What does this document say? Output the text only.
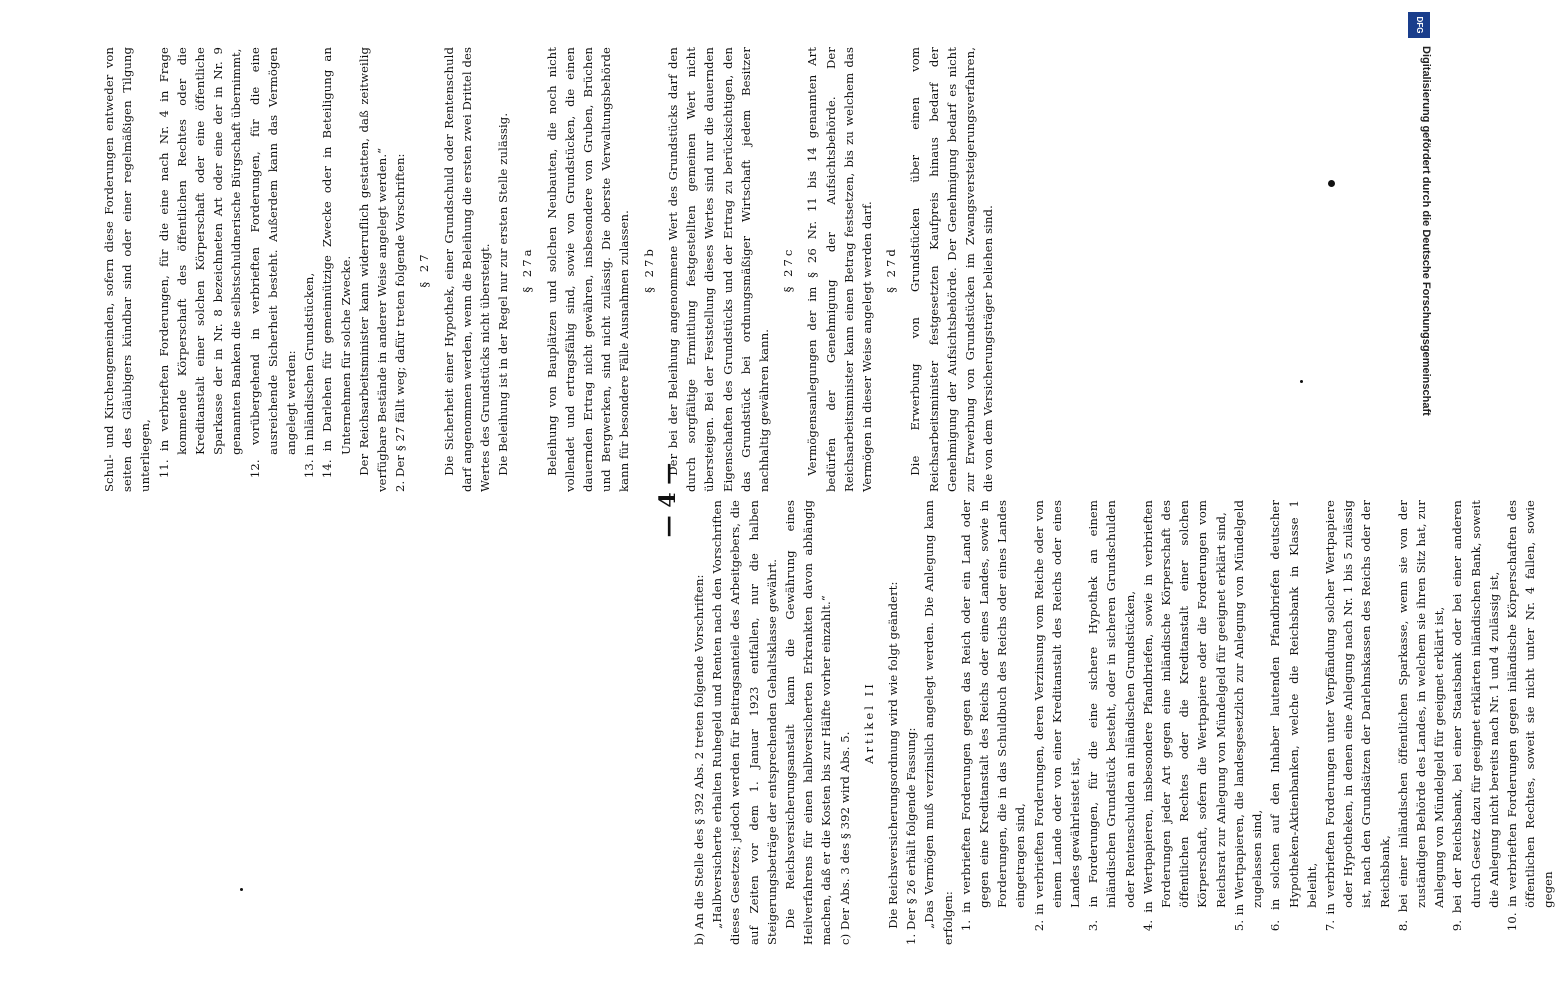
— 4 —

b) An die Stelle des § 392 Abs. 2 treten folgende Vorschriften: „Halbversicherte erhalten Ruhegeld und Renten nach den Vorschriften dieses Gesetzes; jedoch werden für Beitragsanteile des Arbeitgebers, die auf Zeiten vor dem 1. Januar 1923 entfallen, nur die halben Steigerungsbeträge der entsprechenden Gehaltsklasse gewährt. Die Reichsversicherungsanstalt kann die Gewährung eines Heilverfahrens für einen halbversicherten Erkrankten davon abhängig machen, daß er die Kosten bis zur Hälfte vorher einzahlt.“ c) Der Abs. 3 des § 392 wird Abs. 5.

Artikel II Die Reichsversicherungsordnung wird wie folgt geändert: 1. Der § 26 erhält folgende Fassung: „Das Vermögen muß verzinslich angelegt werden. Die Anlegung kann erfolgen: 1. in verbrieften Forderungen gegen das Reich oder ein Land oder gegen eine Kreditanstalt des Reichs oder eines Landes, sowie in Forderungen, die in das Schuldbuch des Reichs oder eines Landes eingetragen sind, 2. in verbrieften Forderungen, deren Verzinsung vom Reiche oder von einem Lande oder von einer Kreditanstalt des Reichs oder eines Landes gewährleistet ist, 3. in Forderungen, für die eine sichere Hypothek an einem inländischen Grundstück besteht, oder in sicheren Grundschulden oder Rentenschulden an inländischen Grundstücken, 4. in Wertpapieren, insbesondere Pfandbriefen, sowie in verbrieften Forderungen jeder Art gegen eine inländische Körperschaft des öffentlichen Rechtes oder die Kreditanstalt einer solchen Körperschaft, sofern die Wertpapiere oder die Forderungen vom Reichsrat zur Anlegung von Mündelgeld für geeignet erklärt sind, 5. in Wertpapieren, die landesgesetzlich zur Anlegung von Mündelgeld zugelassen sind, 6. in solchen auf den Inhaber lautenden Pfandbriefen deutscher Hypotheken-Aktienbanken, welche die Reichsbank in Klasse 1 beleiht, 7. in verbrieften Forderungen unter Verpfändung solcher Wertpapiere oder Hypotheken, in denen eine Anlegung nach Nr. 1 bis 5 zulässig ist, nach den Grundsätzen der Darlehnskassen des Reichs oder der Reichsbank, 8. bei einer inländischen öffentlichen Sparkasse, wenn sie von der zuständigen Behörde des Landes, in welchem sie ihren Sitz hat, zur Anlegung von Mündelgeld für geeignet erklärt ist, 9. bei der Reichsbank, bei einer Staatsbank oder bei einer anderen durch Gesetz dazu für geeignet erklärten inländischen Bank, soweit die Anlegung nicht bereits nach Nr. 1 und 4 zulässig ist, 10. in verbrieften Forderungen gegen inländische Körperschaften des öffentlichen Rechtes, soweit sie nicht unter Nr. 4 fallen, sowie gegen

Schul- und Kirchengemeinden, sofern diese Forderungen entweder von seiten des Gläubigers kündbar sind oder einer regelmäßigen Tilgung unterliegen, 11. in verbrieften Forderungen, für die eine nach Nr. 4 in Frage kommende Körperschaft des öffentlichen Rechtes oder die Kreditanstalt einer solchen Körperschaft oder eine öffentliche Sparkasse der in Nr. 8 bezeichneten Art oder eine der in Nr. 9 genannten Banken die selbstschuldnerische Bürgschaft übernimmt, 12. vorübergehend in verbrieften Forderungen, für die eine ausreichende Sicherheit besteht. Außerdem kann das Vermögen angelegt werden: 13. in inländischen Grundstücken, 14. in Darlehen für gemeinnützige Zwecke oder in Beteiligung an Unternehmen für solche Zwecke. Der Reichsarbeitsminister kann widerruflich gestatten, daß zeitweilig verfügbare Bestände in anderer Weise angelegt werden.“ 2. Der § 27 fällt weg; dafür treten folgende Vorschriften: § 27 Die Sicherheit einer Hypothek, einer Grundschuld oder Rentenschuld darf angenommen werden, wenn die Beleihung die ersten zwei Drittel des Wertes des Grundstücks nicht übersteigt. Die Beleihung ist in der Regel nur zur ersten Stelle zulässig. § 27a Beleihung von Bauplätzen und solchen Neubauten, die noch nicht vollendet und ertragsfähig sind, sowie von Grundstücken, die einen dauernden Ertrag nicht gewähren, insbesondere von Gruben, Brüchen und Bergwerken, sind nicht zulässig. Die oberste Verwaltungsbehörde kann für besondere Fälle Ausnahmen zulassen. § 27b Der bei der Beleihung angenommene Wert des Grundstücks darf den durch sorgfältige Ermittlung festgestellten gemeinen Wert nicht übersteigen. Bei der Feststellung dieses Wertes sind nur die dauernden Eigenschaften des Grundstücks und der Ertrag zu berücksichtigen, den das Grundstück bei ordnungsmäßiger Wirtschaft jedem Besitzer nachhaltig gewähren kann.

§ 27c Vermögensanlegungen der im § 26 Nr. 11 bis 14 genannten Art bedürfen der Genehmigung der Aufsichtsbehörde. Der Reichsarbeitsminister kann einen Betrag festsetzen, bis zu welchem das Vermögen in dieser Weise angelegt werden darf. § 27d Die Erwerbung von Grundstücken über einen vom Reichsarbeitsminister festgesetzten Kaufpreis hinaus bedarf der Genehmigung der Aufsichtsbehörde. Der Genehmigung bedarf es nicht zur Erwerbung von Grundstücken im Zwangsversteigerungsverfahren, die von dem Versicherungsträger beliehen sind.

DFG
Digitalisierung gefördert durch die Deutsche Forschungsgemeinschaft
